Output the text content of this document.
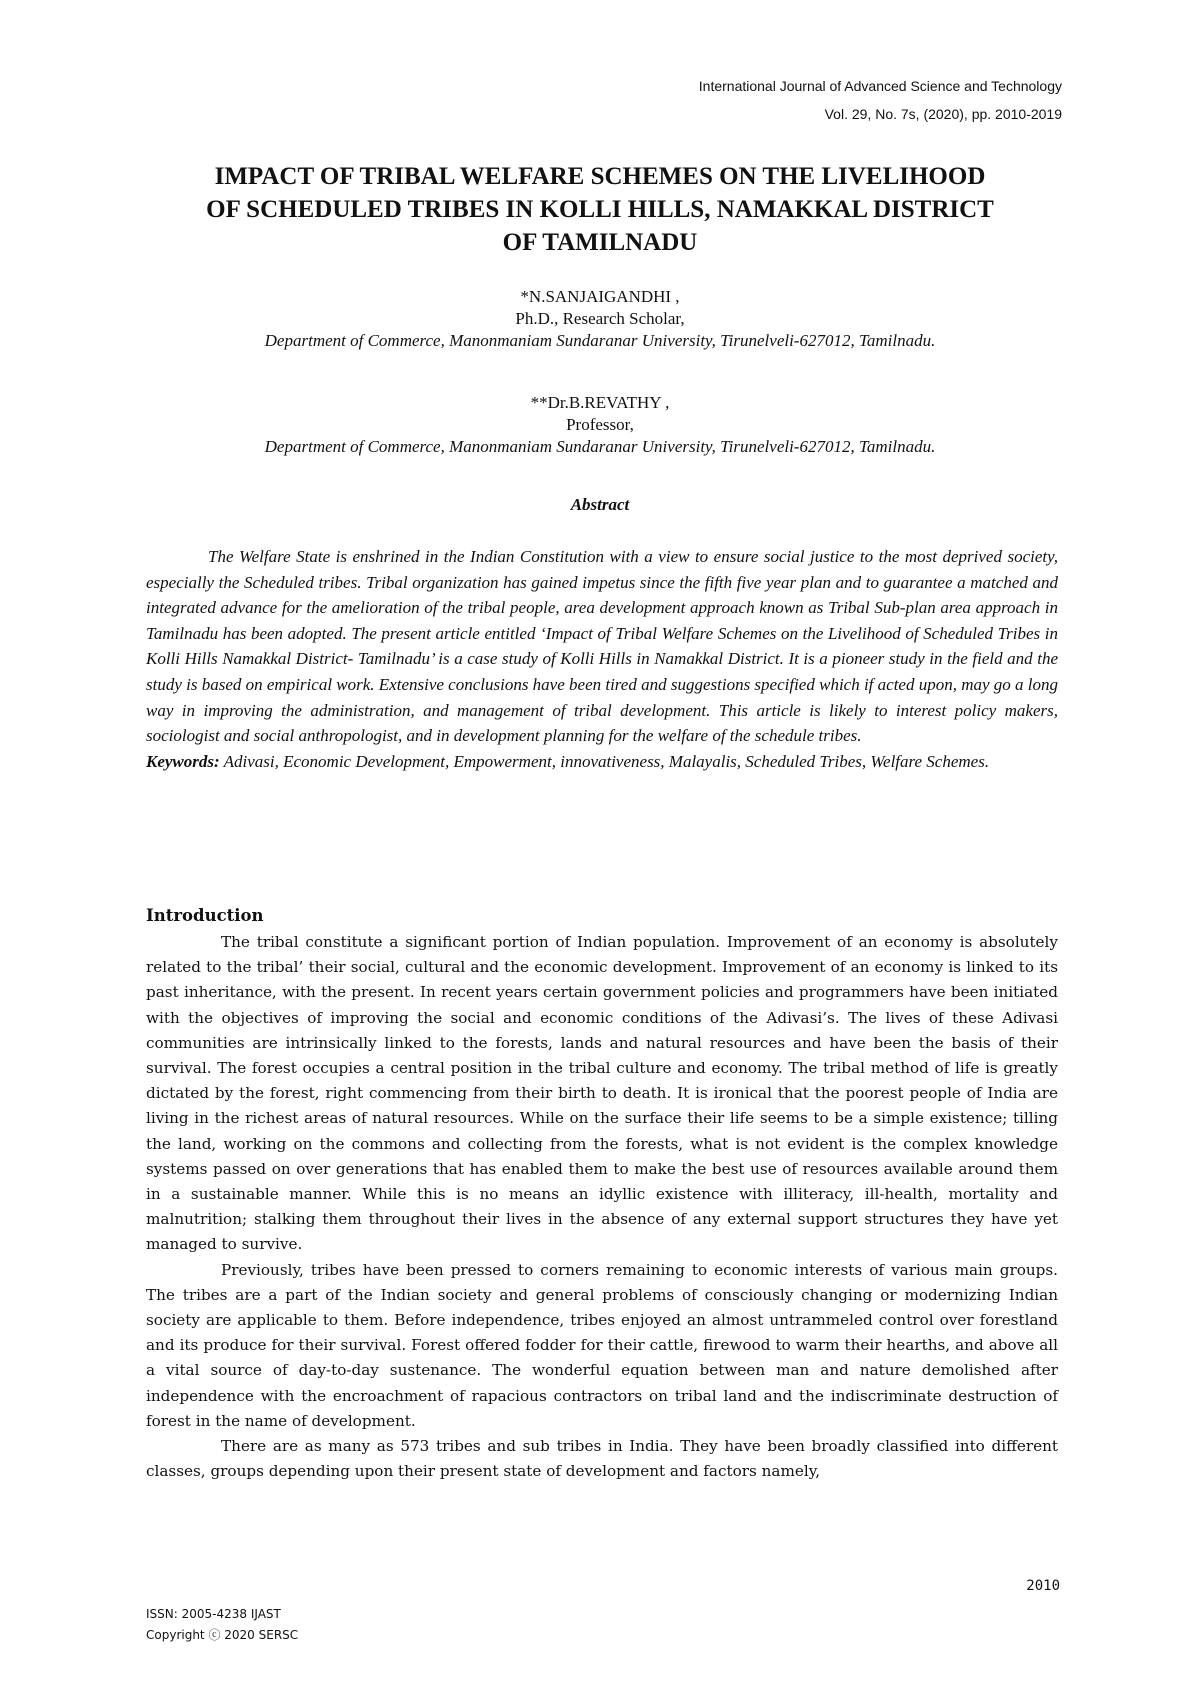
International Journal of Advanced Science and Technology
Vol. 29, No. 7s, (2020), pp. 2010-2019
IMPACT OF TRIBAL WELFARE SCHEMES ON THE LIVELIHOOD
OF SCHEDULED TRIBES IN KOLLI HILLS, NAMAKKAL DISTRICT
OF TAMILNADU
*N.SANJAIGANDHI ,
Ph.D., Research Scholar,
Department of Commerce, Manonmaniam Sundaranar University, Tirunelveli-627012, Tamilnadu.
**Dr.B.REVATHY ,
Professor,
Department of Commerce, Manonmaniam Sundaranar University, Tirunelveli-627012, Tamilnadu.
Abstract

The Welfare State is enshrined in the Indian Constitution with a view to ensure social justice to the most deprived society, especially the Scheduled tribes. Tribal organization has gained impetus since the fifth five year plan and to guarantee a matched and integrated advance for the amelioration of the tribal people, area development approach known as Tribal Sub-plan area approach in Tamilnadu has been adopted. The present article entitled ‘Impact of Tribal Welfare Schemes on the Livelihood of Scheduled Tribes in Kolli Hills Namakkal District- Tamilnadu’ is a case study of Kolli Hills in Namakkal District. It is a pioneer study in the field and the study is based on empirical work. Extensive conclusions have been tired and suggestions specified which if acted upon, may go a long way in improving the administration, and management of tribal development. This article is likely to interest policy makers, sociologist and social anthropologist, and in development planning for the welfare of the schedule tribes.

Keywords: Adivasi, Economic Development, Empowerment, innovativeness, Malayalis, Scheduled Tribes, Welfare Schemes.

Introduction

The tribal constitute a significant portion of Indian population. Improvement of an economy is absolutely related to the tribal’ their social, cultural and the economic development. Improvement of an economy is linked to its past inheritance, with the present. In recent years certain government policies and programmers have been initiated with the objectives of improving the social and economic conditions of the Adivasi’s. The lives of these Adivasi communities are intrinsically linked to the forests, lands and natural resources and have been the basis of their survival. The forest occupies a central position in the tribal culture and economy. The tribal method of life is greatly dictated by the forest, right commencing from their birth to death. It is ironical that the poorest people of India are living in the richest areas of natural resources. While on the surface their life seems to be a simple existence; tilling the land, working on the commons and collecting from the forests, what is not evident is the complex knowledge systems passed on over generations that has enabled them to make the best use of resources available around them in a sustainable manner. While this is no means an idyllic existence with illiteracy, ill-health, mortality and malnutrition; stalking them throughout their lives in the absence of any external support structures they have yet managed to survive.

Previously, tribes have been pressed to corners remaining to economic interests of various main groups. The tribes are a part of the Indian society and general problems of consciously changing or modernizing Indian society are applicable to them. Before independence, tribes enjoyed an almost untrammeled control over forestland and its produce for their survival. Forest offered fodder for their cattle, firewood to warm their hearths, and above all a vital source of day-to-day sustenance. The wonderful equation between man and nature demolished after independence with the encroachment of rapacious contractors on tribal land and the indiscriminate destruction of forest in the name of development.

There are as many as 573 tribes and sub tribes in India. They have been broadly classified into different classes, groups depending upon their present state of development and factors namely,

2010
ISSN: 2005-4238 IJAST
Copyright ⓒ 2020 SERSC
